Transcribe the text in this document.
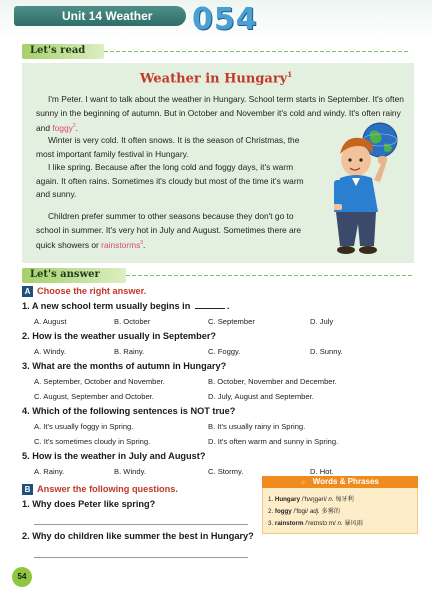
Unit 14 Weather	054
Let's read
Weather in Hungary$^1$
I'm Peter. I want to talk about the weather in Hungary. School term starts in September. It's often sunny in the beginning of autumn. But in October and November it's cold and windy. It's often rainy and foggy$^2$.
Winter is very cold. It often snows. It is the season of Christmas, the most important family festival in Hungary.
I like spring. Because after the long cold and foggy days, it's warm again. It often rains. Sometimes it's cloudy but most of the time it's warm and sunny.
Children prefer summer to other seasons because they don't go to school in summer. It's very hot in July and August. Sometimes there are quick showers or rainstorms$^3$.
Let's answer
A Choose the right answer.
1. A new school term usually begins in	.
A. August	B. October	C. September	D. July
2. How is the weather usually in September?
A. Windy.	B. Rainy.	C. Foggy.	D. Sunny.
3. What are the months of autumn in Hungary?
A. September, October and November.	B. October, November and December.
C. August, September and October.	D. July, August and September.
4. Which of the following sentences is NOT true?
A. It's usually foggy in Spring.	B. It's usually rainy in Spring.
C. It's sometimes cloudy in Spring.	D. It's often warm and sunny in Spring.
5. How is the weather in July and August?
A. Rainy.	B. Windy.	C. Stormy.	D. Hot.
B Answer the following questions.
1. Why does Peter like spring?
2. Why do children like summer the best in Hungary?
○ Words & Phrases
1. Hungary /'hʌŋgəri/ n. 匈牙利
2. foggy /'fɒgi/ adj. 多雾的
3. rainstorm /'reɪnstɔːm/ n. 暴风雨
54
